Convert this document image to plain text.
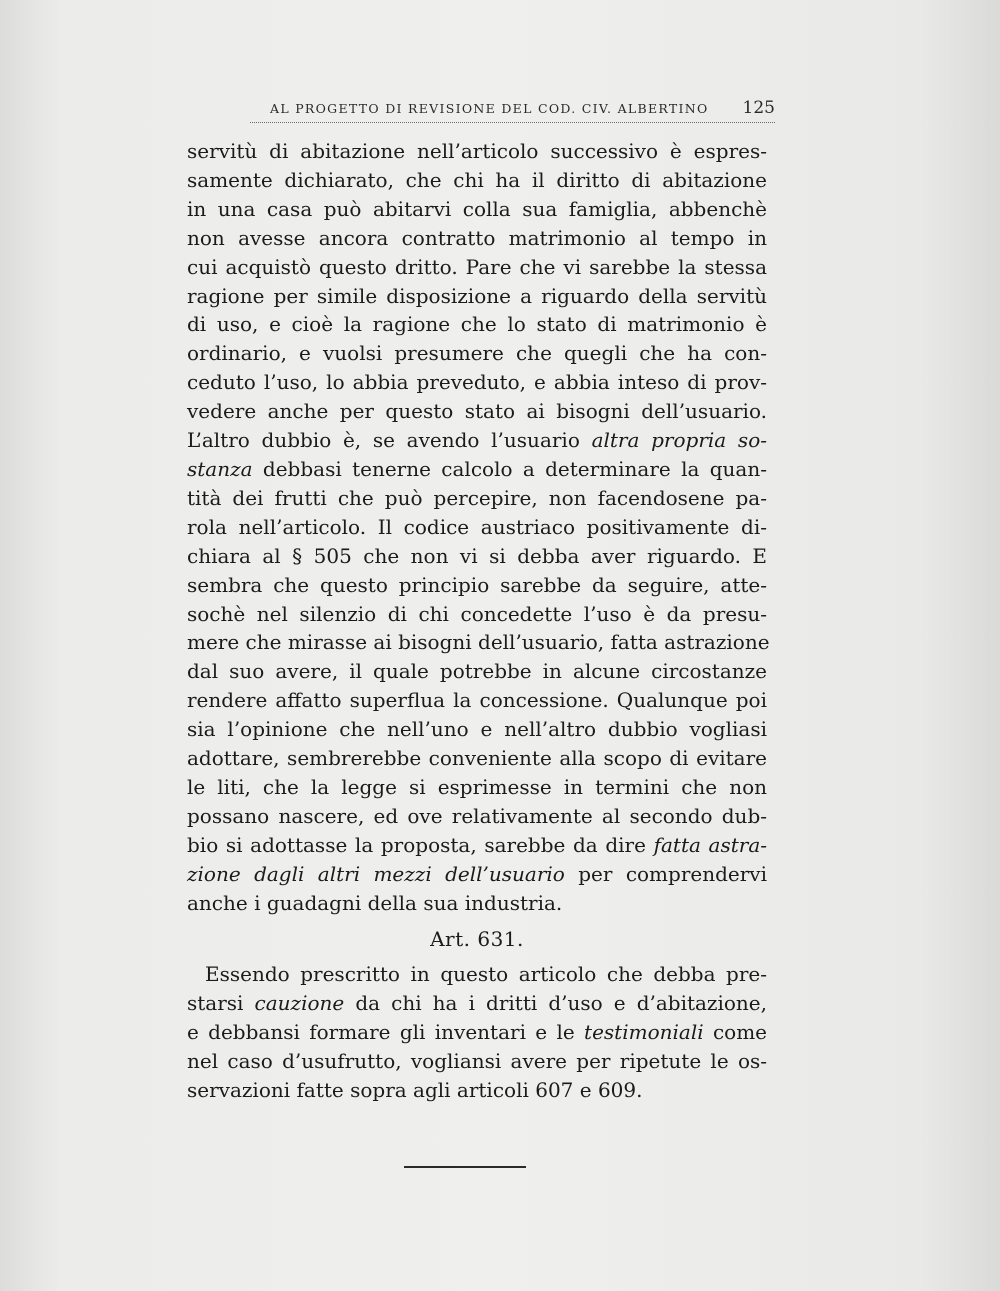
AL PROGETTO DI REVISIONE DEL COD. CIV. ALBERTINO 125

servitù di abitazione nell’articolo successivo è espres-
samente dichiarato, che chi ha il diritto di abitazione
in una casa può abitarvi colla sua famiglia, abbenchè
non avesse ancora contratto matrimonio al tempo in
cui acquistò questo dritto. Pare che vi sarebbe la stessa
ragione per simile disposizione a riguardo della servitù
di uso, e cioè la ragione che lo stato di matrimonio è
ordinario, e vuolsi presumere che quegli che ha con-
ceduto l’uso, lo abbia preveduto, e abbia inteso di prov-
vedere anche per questo stato ai bisogni dell’usuario.

L’altro dubbio è, se avendo l’usuario altra propria so-
stanza debbasi tenerne calcolo a determinare la quan-
tità dei frutti che può percepire, non facendosene pa-
rola nell’articolo. Il codice austriaco positivamente di-
chiara al § 505 che non vi si debba aver riguardo. E
sembra che questo principio sarebbe da seguire, atte-
sochè nel silenzio di chi concedette l’uso è da presu-
mere che mirasse ai bisogni dell’usuario, fatta astrazione
dal suo avere, il quale potrebbe in alcune circostanze
rendere affatto superflua la concessione. Qualunque poi
sia l’opinione che nell’uno e nell’altro dubbio vogliasi
adottare, sembrerebbe conveniente alla scopo di evitare
le liti, che la legge si esprimesse in termini che non
possano nascere, ed ove relativamente al secondo dub-
bio si adottasse la proposta, sarebbe da dire fatta astra-
zione dagli altri mezzi dell’usuario per comprendervi
anche i guadagni della sua industria.

Art. 631.

Essendo prescritto in questo articolo che debba pre-
starsi cauzione da chi ha i dritti d’uso e d’abitazione,
e debbansi formare gli inventari e le testimoniali come
nel caso d’usufrutto, vogliansi avere per ripetute le os-
servazioni fatte sopra agli articoli 607 e 609.
